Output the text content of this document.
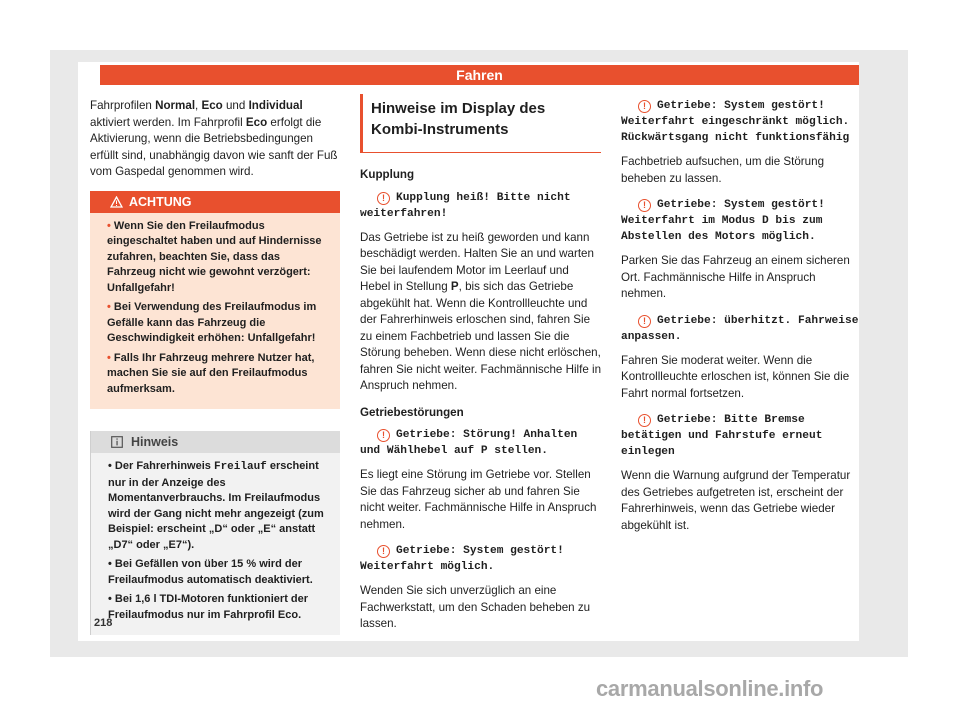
Fahren

Fahrprofilen Normal, Eco und Individual aktiviert werden. Im Fahrprofil Eco erfolgt die Aktivierung, wenn die Betriebsbedingungen erfüllt sind, unabhängig davon wie sanft der Fuß vom Gaspedal genommen wird.

ACHTUNG
• Wenn Sie den Freilaufmodus eingeschaltet haben und auf Hindernisse zufahren, beachten Sie, dass das Fahrzeug nicht wie gewohnt verzögert: Unfallgefahr!
• Bei Verwendung des Freilaufmodus im Gefälle kann das Fahrzeug die Geschwindigkeit erhöhen: Unfallgefahr!
• Falls Ihr Fahrzeug mehrere Nutzer hat, machen Sie sie auf den Freilaufmodus aufmerksam.
Hinweis
• Der Fahrerhinweis Freilauf erscheint nur in der Anzeige des Momentanverbrauchs. Im Freilaufmodus wird der Gang nicht mehr angezeigt (zum Beispiel: erscheint „D“ oder „E“ anstatt „D7“ oder „E7“).
• Bei Gefällen von über 15 % wird der Freilaufmodus automatisch deaktiviert.
• Bei 1,6 l TDI-Motoren funktioniert der Freilaufmodus nur im Fahrprofil Eco.
Hinweise im Display des Kombi-Instruments
Kupplung
! Kupplung heiß! Bitte nicht weiterfahren!

Das Getriebe ist zu heiß geworden und kann beschädigt werden. Halten Sie an und warten Sie bei laufendem Motor im Leerlauf und Hebel in Stellung P, bis sich das Getriebe abgekühlt hat. Wenn die Kontrollleuchte und der Fahrerhinweis erloschen sind, fahren Sie zu einem Fachbetrieb und lassen Sie die Störung beheben. Wenn diese nicht erlöschen, fahren Sie nicht weiter. Fachmännische Hilfe in Anspruch nehmen.

Getriebestörungen
! Getriebe: Störung! Anhalten und Wählhebel auf P stellen.

Es liegt eine Störung im Getriebe vor. Stellen Sie das Fahrzeug sicher ab und fahren Sie nicht weiter. Fachmännische Hilfe in Anspruch nehmen.

! Getriebe: System gestört! Weiterfahrt möglich.

Wenden Sie sich unverzüglich an eine Fachwerkstatt, um den Schaden beheben zu lassen.

! Getriebe: System gestört! Weiterfahrt eingeschränkt möglich. Rückwärtsgang nicht funktionsfähig

Fachbetrieb aufsuchen, um die Störung beheben zu lassen.

! Getriebe: System gestört! Weiterfahrt im Modus D bis zum Abstellen des Motors möglich.

Parken Sie das Fahrzeug an einem sicheren Ort. Fachmännische Hilfe in Anspruch nehmen.

! Getriebe: überhitzt. Fahrweise anpassen.

Fahren Sie moderat weiter. Wenn die Kontrollleuchte erloschen ist, können Sie die Fahrt normal fortsetzen.

! Getriebe: Bitte Bremse betätigen und Fahrstufe erneut einlegen

Wenn die Warnung aufgrund der Temperatur des Getriebes aufgetreten ist, erscheint der Fahrerhinweis, wenn das Getriebe wieder abgekühlt ist.

218
carmanualsonline.info
